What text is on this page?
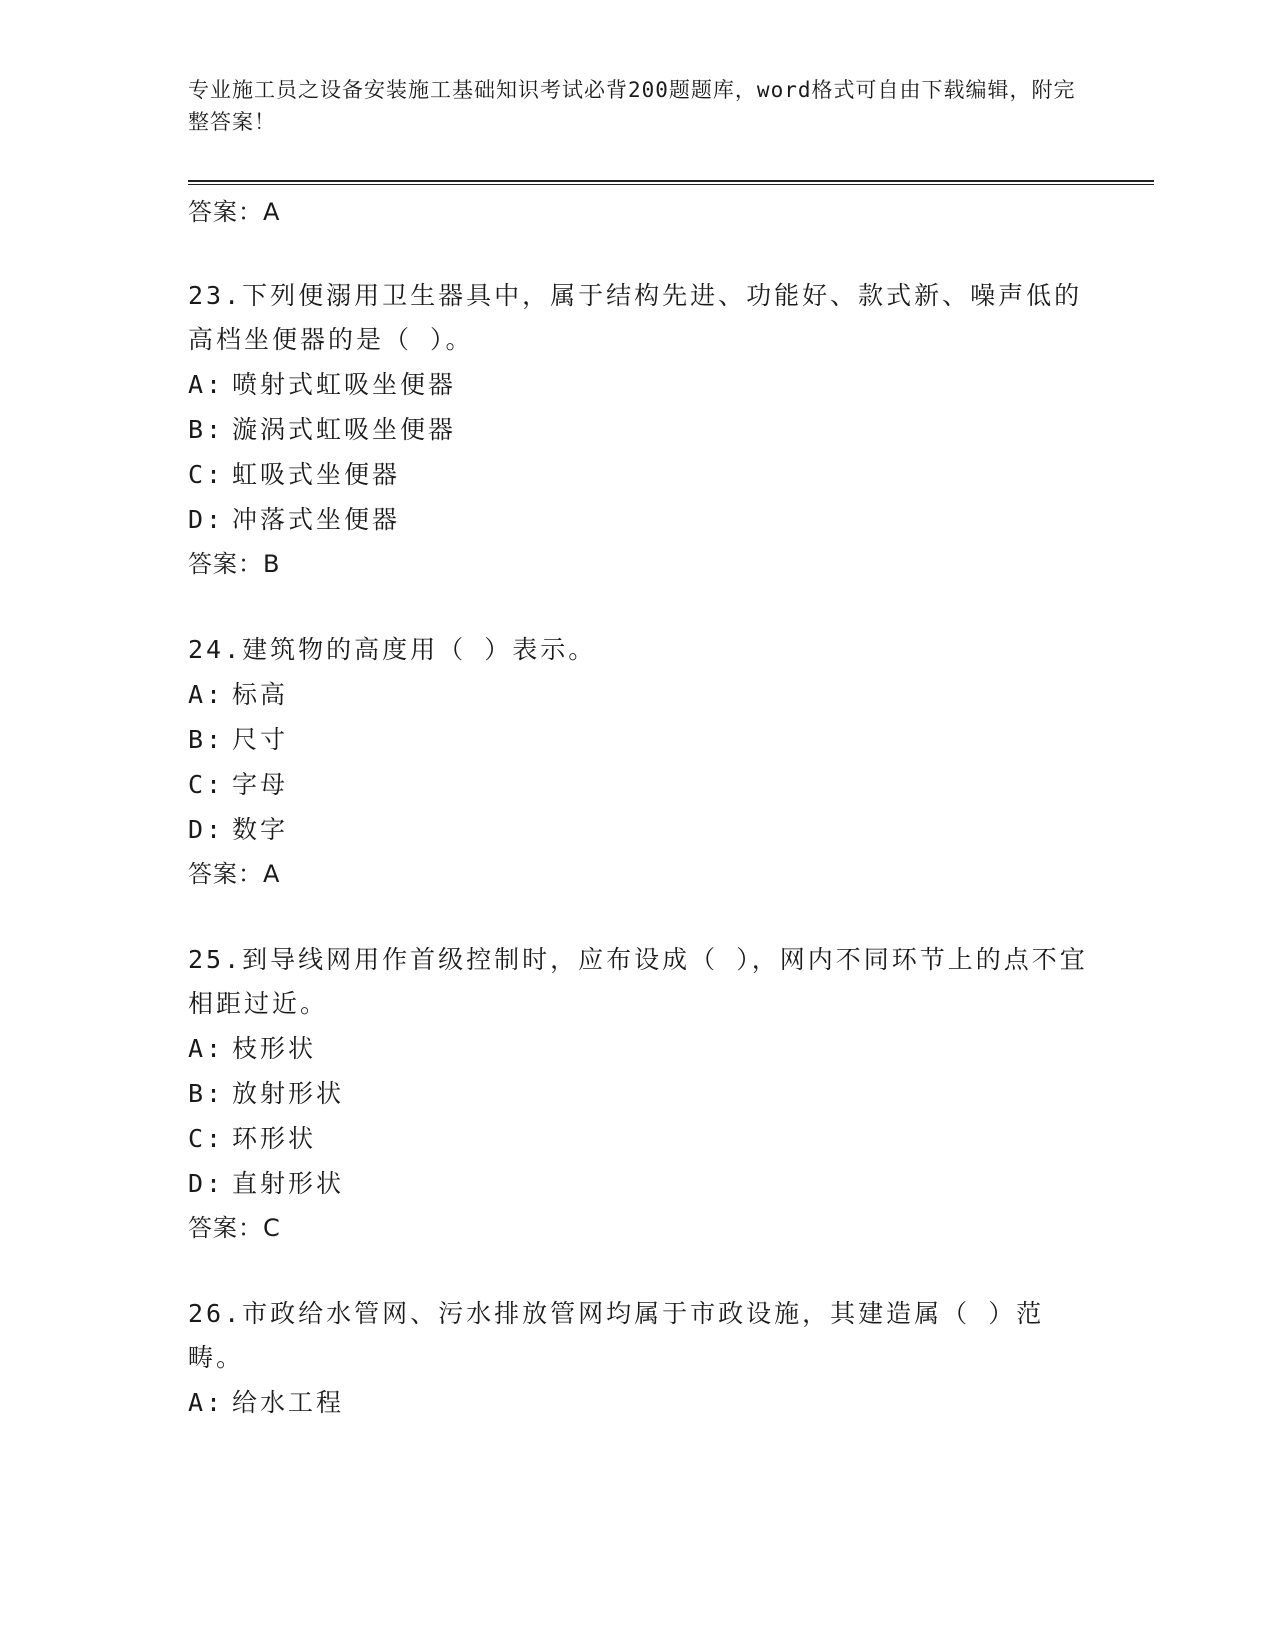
专业施工员之设备安装施工基础知识考试必背200题题库，word格式可自由下载编辑，附完整答案！
答案：A
23.下列便溺用卫生器具中，属于结构先进、功能好、款式新、噪声低的高档坐便器的是（ ）。
A: 喷射式虹吸坐便器
B: 漩涡式虹吸坐便器
C: 虹吸式坐便器
D: 冲落式坐便器
答案：B
24.建筑物的高度用（ ）表示。
A: 标高
B: 尺寸
C: 字母
D: 数字
答案：A
25.到导线网用作首级控制时，应布设成（ ），网内不同环节上的点不宜相距过近。
A: 枝形状
B: 放射形状
C: 环形状
D: 直射形状
答案：C
26.市政给水管网、污水排放管网均属于市政设施，其建造属（ ）范畴。
A: 给水工程
